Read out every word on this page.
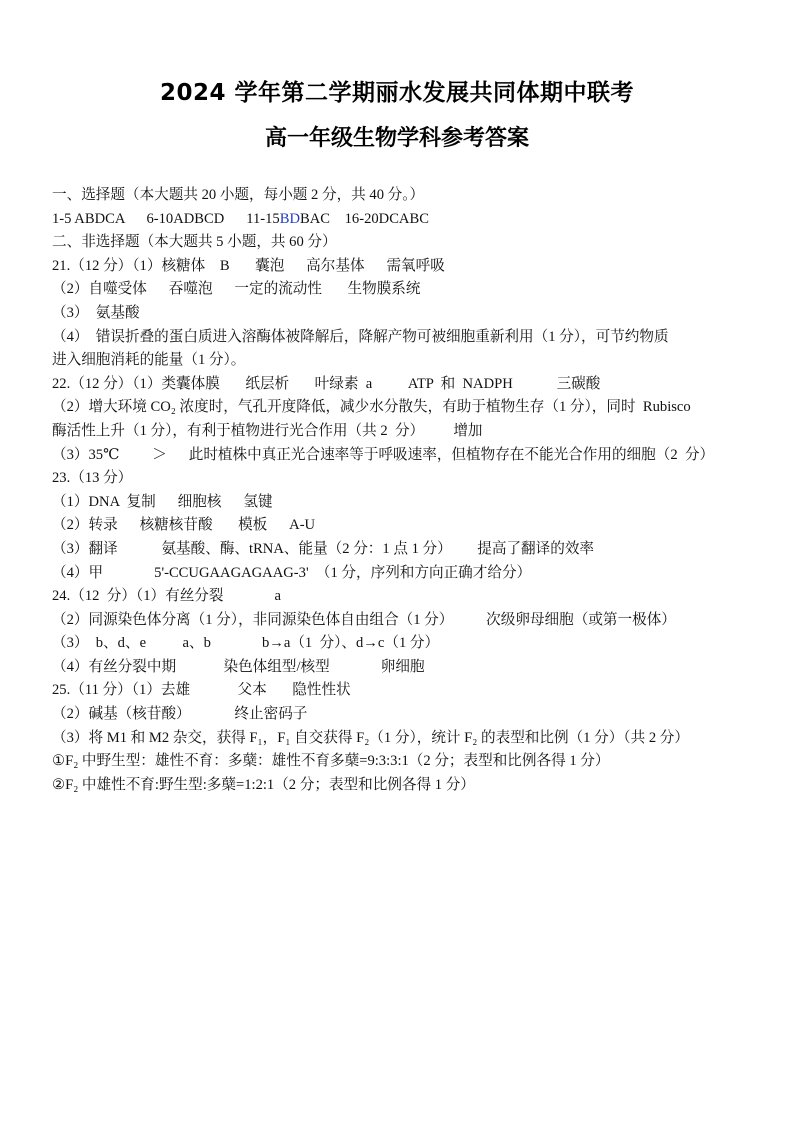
2024 学年第二学期丽水发展共同体期中联考
高一年级生物学科参考答案
一、选择题（本大题共 20 小题，每小题 2 分，共 40 分。）
1-5 ABDCA 6-10ADBCD 11-15BDBAC 16-20DCABC
二、非选择题（本大题共 5 小题，共 60 分）
21.（12 分）（1）核糖体    B       囊泡      高尔基体      需氧呼吸
（2）自噬受体      吞噬泡      一定的流动性       生物膜系统
（3）  氨基酸
（4）  错误折叠的蛋白质进入溶酶体被降解后，降解产物可被细胞重新利用（1 分），可节约物质
进入细胞消耗的能量（1 分）。
22.（12 分）（1）类囊体膜       纸层析       叶绿素  a          ATP  和  NADPH            三碳酸
（2）增大环境 CO₂ 浓度时，气孔开度降低，减少水分散失，有助于植物生存（1 分），同时  Rubisco
酶活性上升（1 分），有利于植物进行光合作用（共 2  分）        增加
（3）35℃         ＞      此时植株中真正光合速率等于呼吸速率，但植物存在不能光合作用的细胞（2  分）
23.（13 分）
（1）DNA  复制      细胞核      氢键
（2）转录      核糖核苷酸       模板      A-U
（3）翻译            氨基酸、酶、tRNA、能量（2 分：1 点 1 分）       提高了翻译的效率
（4）甲              5'-CCUGAAGAGAAG-3'  （1 分，序列和方向正确才给分）
24.（12  分）（1）有丝分裂              a
（2）同源染色体分离（1 分），非同源染色体自由组合（1 分）         次级卵母细胞（或第一极体）
（3）  b、d、e          a、b              b→a（1  分）、d→c（1 分）
（4）有丝分裂中期             染色体组型/核型              卵细胞
25.（11 分）（1）去雄             父本       隐性性状
（2）碱基（核苷酸）            终止密码子
（3）将 M1 和 M2 杂交，获得 F₁，F₁ 自交获得 F₂（1 分），统计 F₂ 的表型和比例（1 分）（共 2 分）
①F₂ 中野生型：雄性不育：多蘖：雄性不育多蘖=9:3:3:1（2 分；表型和比例各得 1 分）
②F₂ 中雄性不育:野生型:多蘖=1:2:1（2 分；表型和比例各得 1 分）
